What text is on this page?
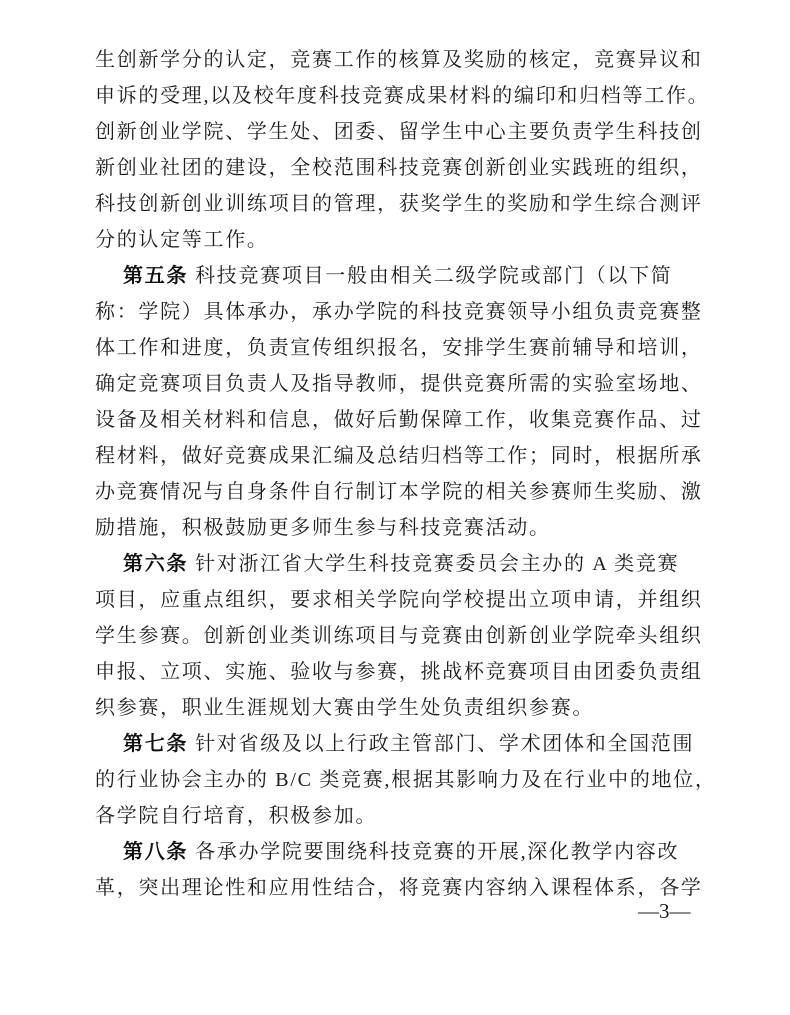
生创新学分的认定，竞赛工作的核算及奖励的核定，竞赛异议和
申诉的受理,以及校年度科技竞赛成果材料的编印和归档等工作。
创新创业学院、学生处、团委、留学生中心主要负责学生科技创
新创业社团的建设，全校范围科技竞赛创新创业实践班的组织，
科技创新创业训练项目的管理，获奖学生的奖励和学生综合测评
分的认定等工作。
第五条 科技竞赛项目一般由相关二级学院或部门（以下简
称：学院）具体承办，承办学院的科技竞赛领导小组负责竞赛整
体工作和进度，负责宣传组织报名，安排学生赛前辅导和培训，
确定竞赛项目负责人及指导教师，提供竞赛所需的实验室场地、
设备及相关材料和信息，做好后勤保障工作，收集竞赛作品、过
程材料，做好竞赛成果汇编及总结归档等工作；同时，根据所承
办竞赛情况与自身条件自行制订本学院的相关参赛师生奖励、激
励措施，积极鼓励更多师生参与科技竞赛活动。
第六条 针对浙江省大学生科技竞赛委员会主办的 A 类竞赛
项目，应重点组织，要求相关学院向学校提出立项申请，并组织
学生参赛。创新创业类训练项目与竞赛由创新创业学院牵头组织
申报、立项、实施、验收与参赛，挑战杯竞赛项目由团委负责组
织参赛，职业生涯规划大赛由学生处负责组织参赛。
第七条 针对省级及以上行政主管部门、学术团体和全国范围
的行业协会主办的 B/C 类竞赛,根据其影响力及在行业中的地位，
各学院自行培育，积极参加。
第八条 各承办学院要围绕科技竞赛的开展,深化教学内容改
革，突出理论性和应用性结合，将竞赛内容纳入课程体系，各学
—3—
